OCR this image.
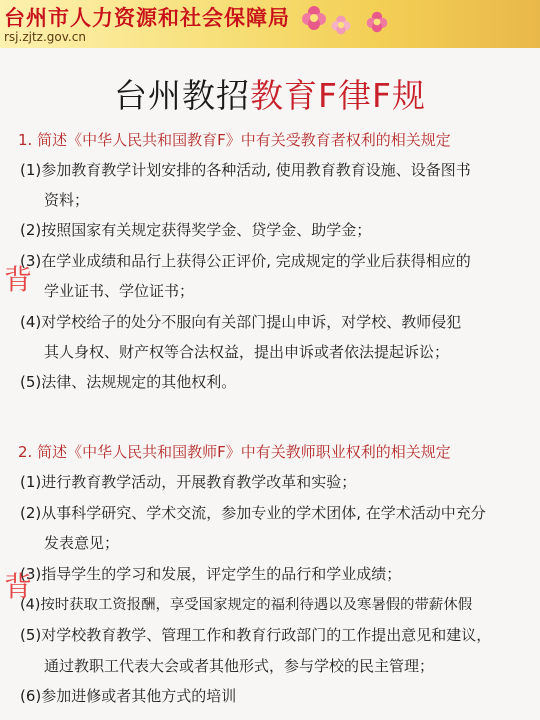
台州市人力资源和社会保障局
rsj.zjtz.gov.cn
台州教招教育F律F规
1. 简述《中华人民共和国教育F》中有关受教育者权利的相关规定
(1)参加教育教学计划安排的各种活动, 使用教育教育设施、设备图书
资料；
(2)按照国家有关规定获得奖学金、贷学金、助学金；
(3)在学业成绩和品行上获得公正评价, 完成规定的学业后获得相应的
学业证书、学位证书；
(4)对学校给子的处分不服向有关部门提山申诉，对学校、教师侵犯
其人身权、财产权等合法权益，提出申诉或者依法提起诉讼；
(5)法律、法规规定的其他权利。
背
2. 简述《中华人民共和国教师F》中有关教师职业权利的相关规定
(1)进行教育教学活动，开展教育教学改革和实验；
(2)从事科学研究、学术交流，参加专业的学术团体, 在学术活动中充分
发表意见；
(3)指导学生的学习和发展，评定学生的品行和学业成绩；
(4)按时获取工资报酬，享受国家规定的福利待遇以及寒暑假的带薪休假
(5)对学校教育教学、管理工作和教育行政部门的工作提出意见和建议，
通过教职工代表大会或者其他形式，参与学校的民主管理；
(6)参加进修或者其他方式的培训
背
